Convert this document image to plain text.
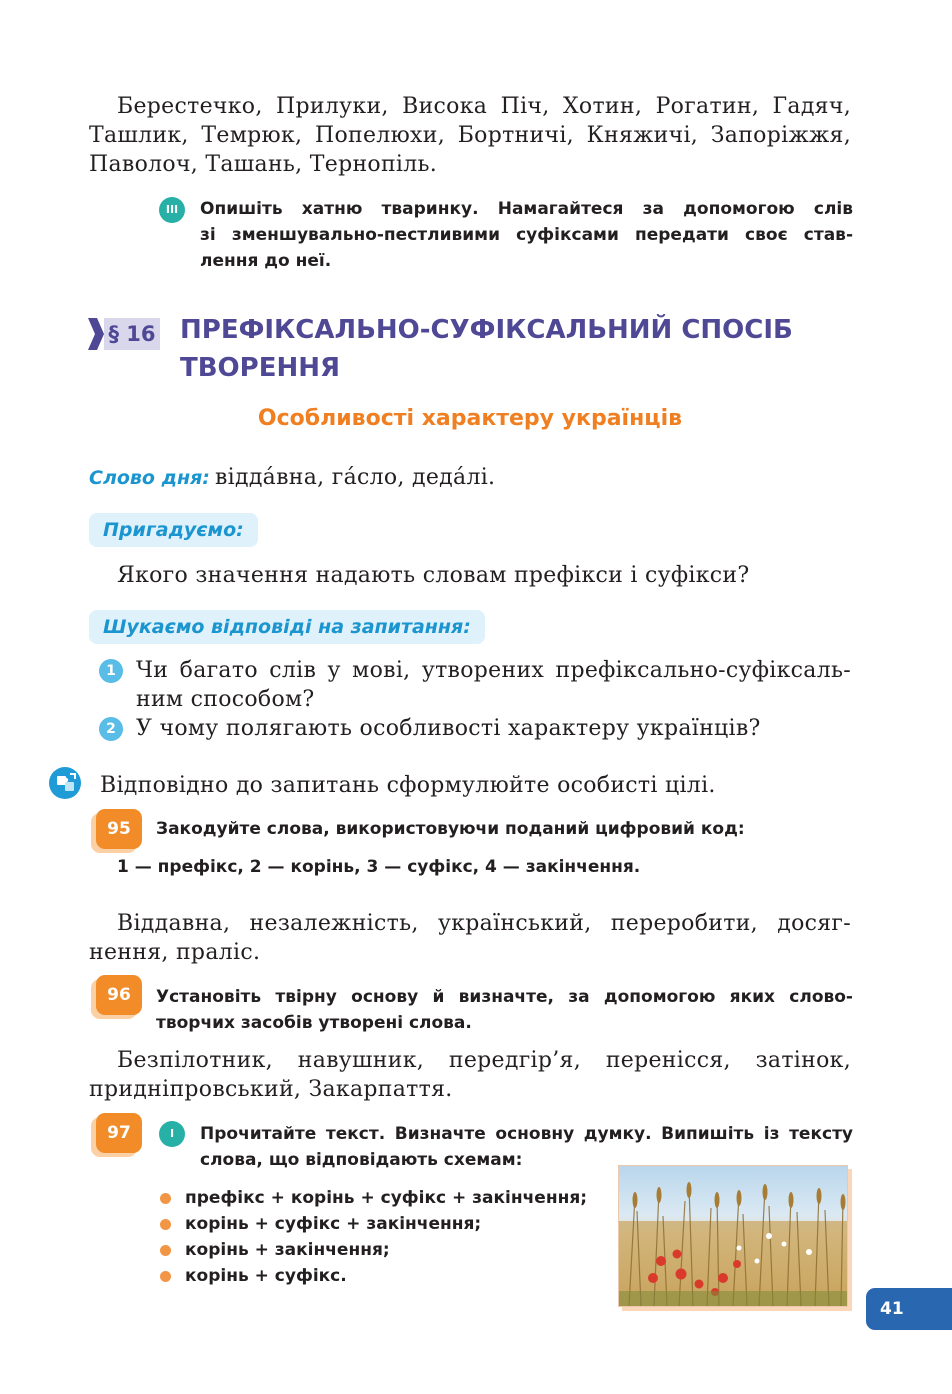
Берестечко, Прилуки, Висока Піч, Хотин, Рогатин, Гадяч,
Ташлик, Темрюк, Попелюхи, Бортничі, Княжичі, Запоріжжя,
Паволоч, Ташань, Тернопіль.
III	Опишіть хатню тваринку. Намагайтеся за допомогою слів
зі зменшувально-пестливими суфіксами передати своє став-
лення до неї.
§ 16 ПРЕФІКСАЛЬНО-СУФІКСАЛЬНИЙ СПОСІБ
ТВОРЕННЯ
Особливості характеру українців
Слово дня: віддáвна, гáсло, дедáлі.
Пригадуємо:
Якого значення надають словам префікси і суфікси?
Шукаємо відповіді на запитання:
1 Чи багато слів у мові, утворених префіксально-суфіксаль-
ним способом?
2 У чому полягають особливості характеру українців?
Відповідно до запитань сформулюйте особисті цілі.
95	Закодуйте слова, використовуючи поданий цифровий код:
1 — префікс, 2 — корінь, 3 — суфікс, 4 — закінчення.
Віддавна, незалежність, український, переробити, досяг-
нення, праліс.
96	Установіть твірну основу й визначте, за допомогою яких слово-
творчих засобів утворені слова.
Безпілотник, навушник, передгір’я, перенісся, затінок,
придніпровський, Закарпаття.
97	I	Прочитайте текст. Визначте основну думку. Випишіть із тексту
слова, що відповідають схемам:
префікс + корінь + суфікс + закінчення;
корінь + суфікс + закінчення;
корінь + закінчення;
корінь + суфікс.
41
